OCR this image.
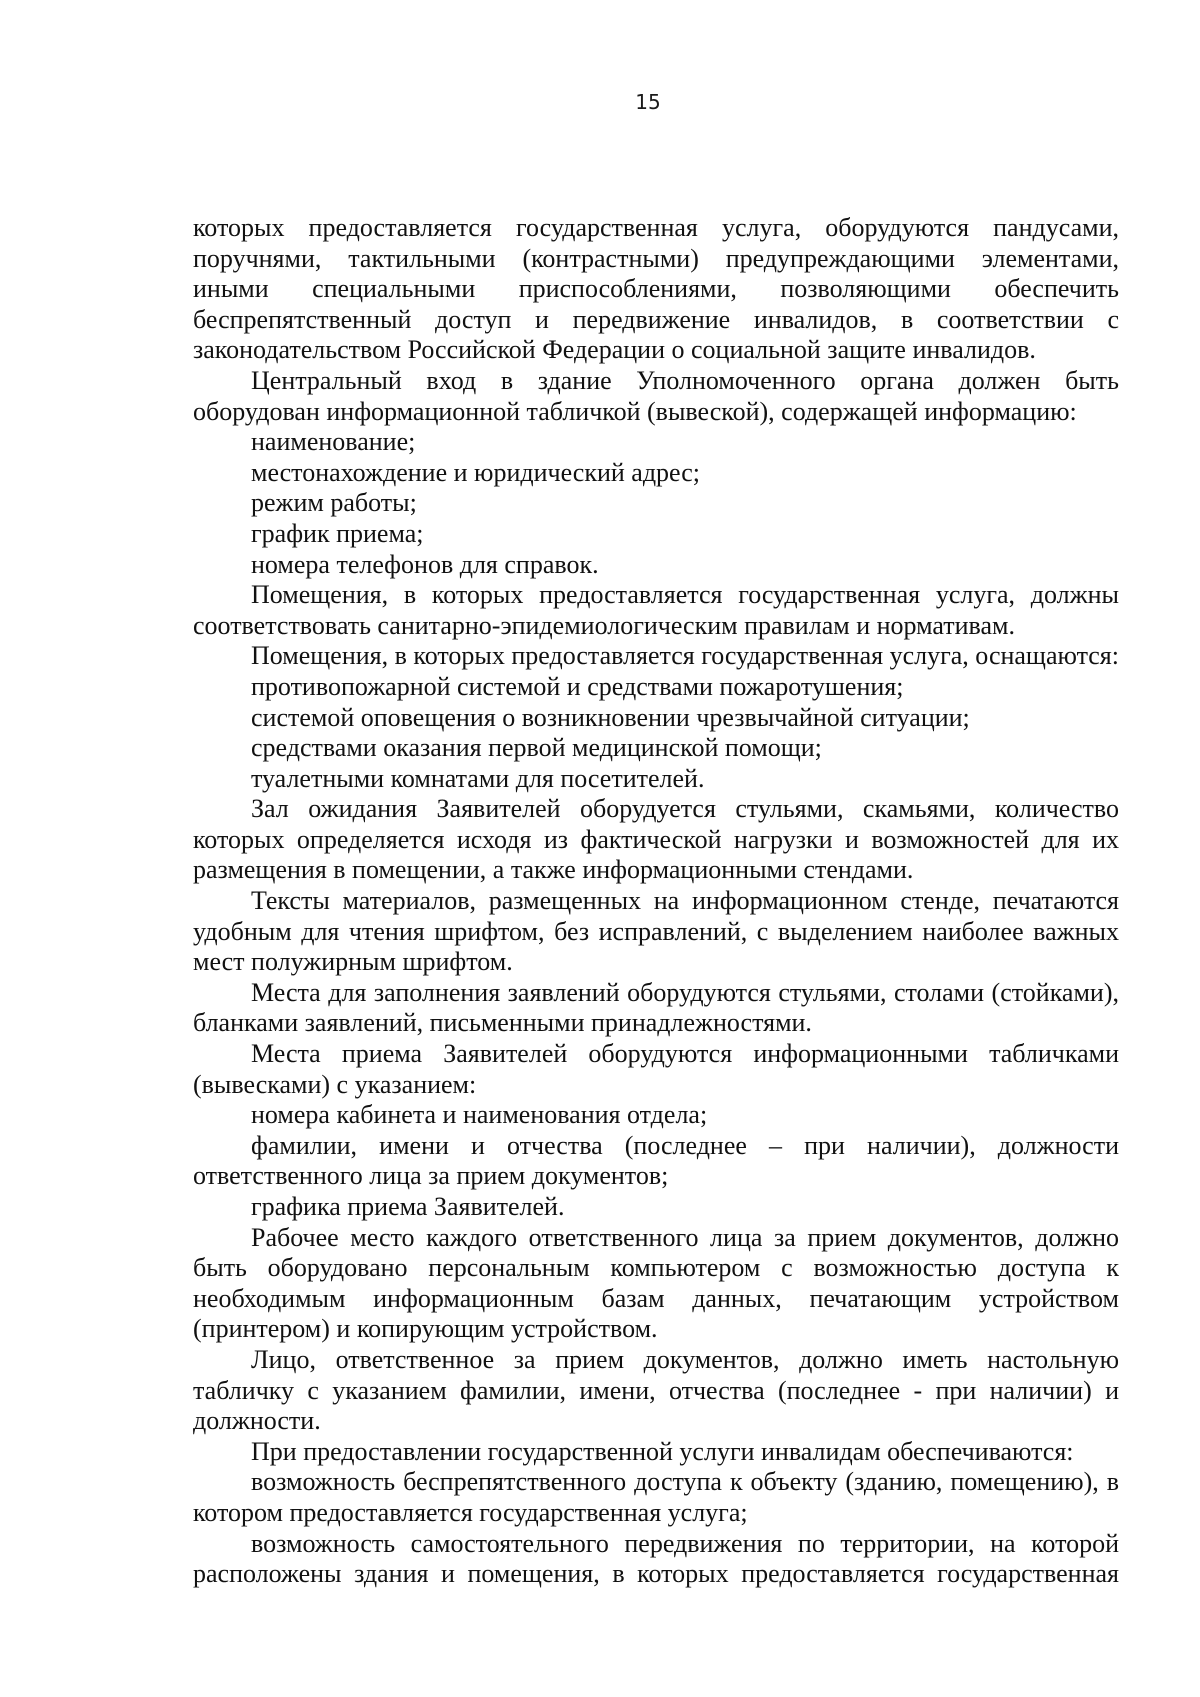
15

которых предоставляется государственная услуга, оборудуются пандусами, поручнями, тактильными (контрастными) предупреждающими элементами, иными специальными приспособлениями, позволяющими обеспечить беспрепятственный доступ и передвижение инвалидов, в соответствии с законодательством Российской Федерации о социальной защите инвалидов.

Центральный вход в здание Уполномоченного органа должен быть оборудован информационной табличкой (вывеской), содержащей информацию:

наименование;

местонахождение и юридический адрес;

режим работы;

график приема;

номера телефонов для справок.

Помещения, в которых предоставляется государственная услуга, должны соответствовать санитарно-эпидемиологическим правилам и нормативам.

Помещения, в которых предоставляется государственная услуга, оснащаются:

противопожарной системой и средствами пожаротушения;

системой оповещения о возникновении чрезвычайной ситуации;

средствами оказания первой медицинской помощи;

туалетными комнатами для посетителей.

Зал ожидания Заявителей оборудуется стульями, скамьями, количество которых определяется исходя из фактической нагрузки и возможностей для их размещения в помещении, а также информационными стендами.

Тексты материалов, размещенных на информационном стенде, печатаются удобным для чтения шрифтом, без исправлений, с выделением наиболее важных мест полужирным шрифтом.

Места для заполнения заявлений оборудуются стульями, столами (стойками), бланками заявлений, письменными принадлежностями.

Места приема Заявителей оборудуются информационными табличками (вывесками) с указанием:

номера кабинета и наименования отдела;

фамилии, имени и отчества (последнее – при наличии), должности ответственного лица за прием документов;

графика приема Заявителей.

Рабочее место каждого ответственного лица за прием документов, должно быть оборудовано персональным компьютером с возможностью доступа к необходимым информационным базам данных, печатающим устройством (принтером) и копирующим устройством.

Лицо, ответственное за прием документов, должно иметь настольную табличку с указанием фамилии, имени, отчества (последнее - при наличии) и должности.

При предоставлении государственной услуги инвалидам обеспечиваются:

возможность беспрепятственного доступа к объекту (зданию, помещению), в котором предоставляется государственная услуга;

возможность самостоятельного передвижения по территории, на которой расположены здания и помещения, в которых предоставляется государственная
